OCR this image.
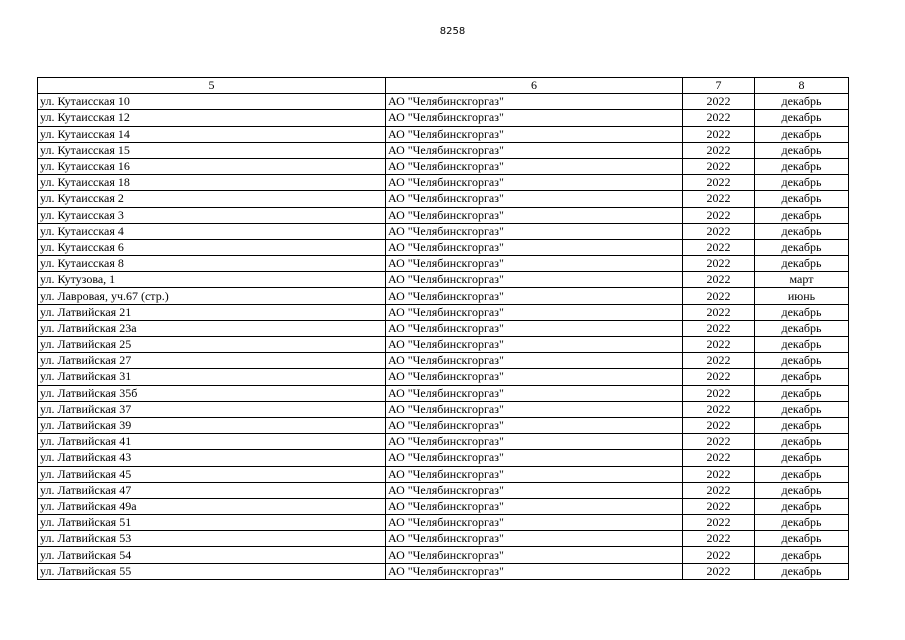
8258
5	6	7	8
ул. Кутаисская 10	АО "Челябинскгоргаз"	2022	декабрь
ул. Кутаисская 12	АО "Челябинскгоргаз"	2022	декабрь
ул. Кутаисская 14	АО "Челябинскгоргаз"	2022	декабрь
ул. Кутаисская 15	АО "Челябинскгоргаз"	2022	декабрь
ул. Кутаисская 16	АО "Челябинскгоргаз"	2022	декабрь
ул. Кутаисская 18	АО "Челябинскгоргаз"	2022	декабрь
ул. Кутаисская 2	АО "Челябинскгоргаз"	2022	декабрь
ул. Кутаисская 3	АО "Челябинскгоргаз"	2022	декабрь
ул. Кутаисская 4	АО "Челябинскгоргаз"	2022	декабрь
ул. Кутаисская 6	АО "Челябинскгоргаз"	2022	декабрь
ул. Кутаисская 8	АО "Челябинскгоргаз"	2022	декабрь
ул. Кутузова, 1	АО "Челябинскгоргаз"	2022	март
ул. Лавровая, уч.67 (стр.)	АО "Челябинскгоргаз"	2022	июнь
ул. Латвийская 21	АО "Челябинскгоргаз"	2022	декабрь
ул. Латвийская 23а	АО "Челябинскгоргаз"	2022	декабрь
ул. Латвийская 25	АО "Челябинскгоргаз"	2022	декабрь
ул. Латвийская 27	АО "Челябинскгоргаз"	2022	декабрь
ул. Латвийская 31	АО "Челябинскгоргаз"	2022	декабрь
ул. Латвийская 35б	АО "Челябинскгоргаз"	2022	декабрь
ул. Латвийская 37	АО "Челябинскгоргаз"	2022	декабрь
ул. Латвийская 39	АО "Челябинскгоргаз"	2022	декабрь
ул. Латвийская 41	АО "Челябинскгоргаз"	2022	декабрь
ул. Латвийская 43	АО "Челябинскгоргаз"	2022	декабрь
ул. Латвийская 45	АО "Челябинскгоргаз"	2022	декабрь
ул. Латвийская 47	АО "Челябинскгоргаз"	2022	декабрь
ул. Латвийская 49а	АО "Челябинскгоргаз"	2022	декабрь
ул. Латвийская 51	АО "Челябинскгоргаз"	2022	декабрь
ул. Латвийская 53	АО "Челябинскгоргаз"	2022	декабрь
ул. Латвийская 54	АО "Челябинскгоргаз"	2022	декабрь
ул. Латвийская 55	АО "Челябинскгоргаз"	2022	декабрь
